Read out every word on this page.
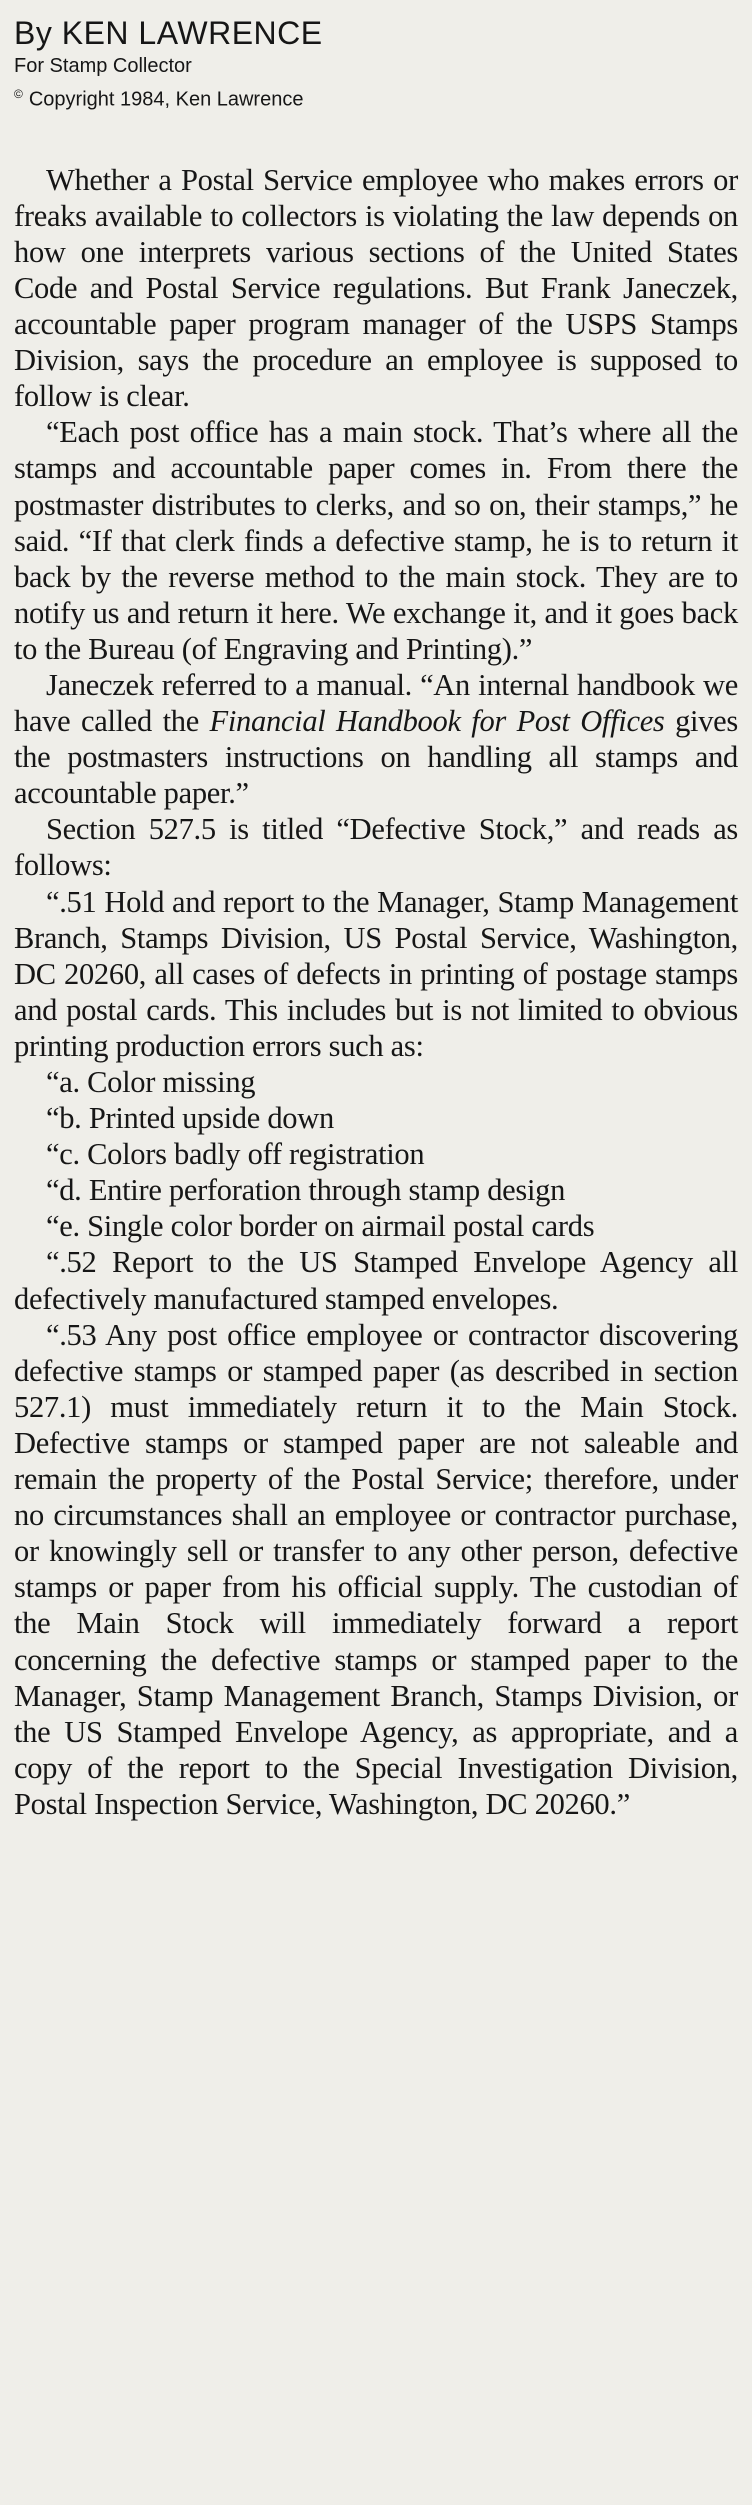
By KEN LAWRENCE
For Stamp Collector
© Copyright 1984, Ken Lawrence

Whether a Postal Service employee who makes errors or freaks available to collectors is violating the law depends on how one interprets various sections of the United States Code and Postal Service regulations. But Frank Janeczek, accountable paper program manager of the USPS Stamps Division, says the procedure an employee is supposed to follow is clear.

“Each post office has a main stock. That’s where all the stamps and accountable paper comes in. From there the postmaster distributes to clerks, and so on, their stamps,” he said. “If that clerk finds a defective stamp, he is to return it back by the reverse method to the main stock. They are to notify us and return it here. We exchange it, and it goes back to the Bureau (of Engraving and Printing).”

Janeczek referred to a manual. “An internal handbook we have called the Financial Handbook for Post Offices gives the postmasters instructions on handling all stamps and accountable paper.”

Section 527.5 is titled “Defective Stock,” and reads as follows:

“.51 Hold and report to the Manager, Stamp Management Branch, Stamps Division, US Postal Service, Washington, DC 20260, all cases of defects in printing of postage stamps and postal cards. This includes but is not limited to obvious printing production errors such as:

“a. Color missing

“b. Printed upside down

“c. Colors badly off registration

“d. Entire perforation through stamp design

“e. Single color border on airmail postal cards

“.52 Report to the US Stamped Envelope Agency all defectively manufactured stamped envelopes.

“.53 Any post office employee or contractor discovering defective stamps or stamped paper (as described in section 527.1) must immediately return it to the Main Stock. Defective stamps or stamped paper are not saleable and remain the property of the Postal Service; therefore, under no circumstances shall an employee or contractor purchase, or knowingly sell or transfer to any other person, defective stamps or paper from his official supply. The custodian of the Main Stock will immediately forward a report concerning the defective stamps or stamped paper to the Manager, Stamp Management Branch, Stamps Division, or the US Stamped Envelope Agency, as appropriate, and a copy of the report to the Special Investigation Division, Postal Inspection Service, Washington, DC 20260.”
